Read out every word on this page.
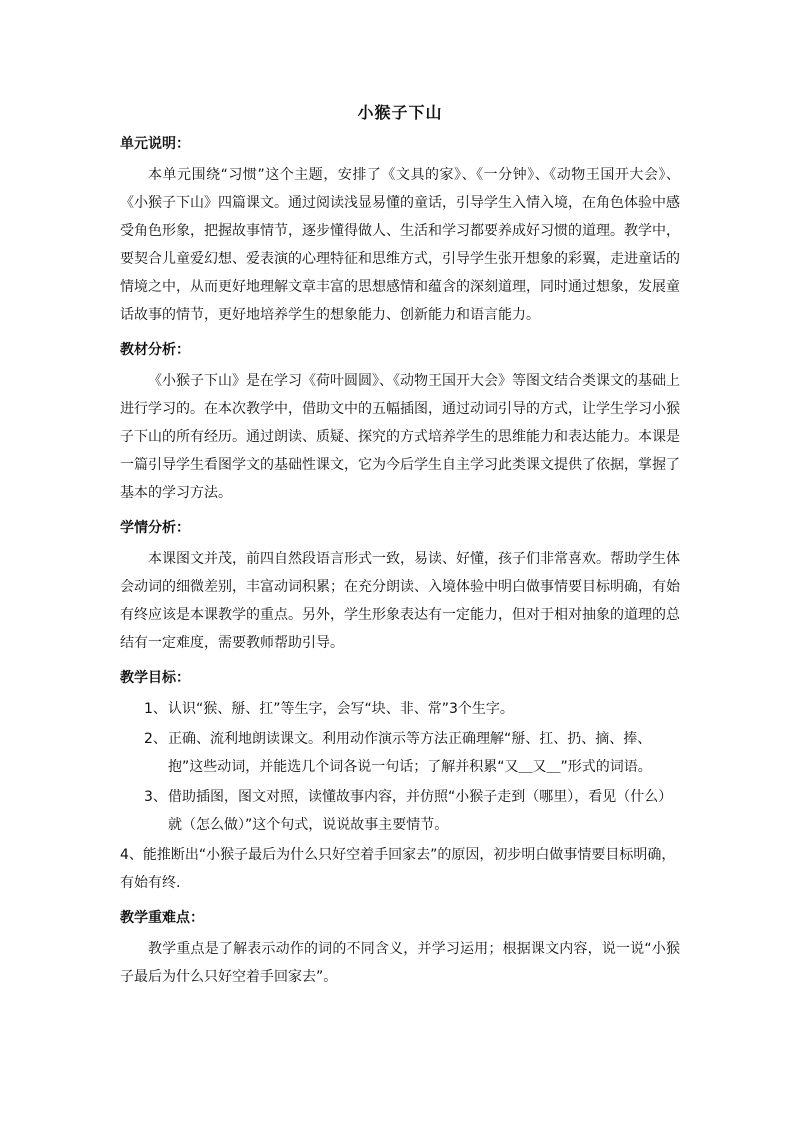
小猴子下山
单元说明：

本单元围绕“习惯”这个主题，安排了《文具的家》、《一分钟》、《动物王国开大会》、《小猴子下山》四篇课文。通过阅读浅显易懂的童话，引导学生入情入境，在角色体验中感受角色形象，把握故事情节，逐步懂得做人、生活和学习都要养成好习惯的道理。教学中，要契合儿童爱幻想、爱表演的心理特征和思维方式，引导学生张开想象的彩翼，走进童话的情境之中，从而更好地理解文章丰富的思想感情和蕴含的深刻道理，同时通过想象，发展童话故事的情节，更好地培养学生的想象能力、创新能力和语言能力。

教材分析：

《小猴子下山》是在学习《荷叶圆圆》、《动物王国开大会》等图文结合类课文的基础上进行学习的。在本次教学中，借助文中的五幅插图，通过动词引导的方式，让学生学习小猴子下山的所有经历。通过朗读、质疑、探究的方式培养学生的思维能力和表达能力。本课是一篇引导学生看图学文的基础性课文，它为今后学生自主学习此类课文提供了依据，掌握了基本的学习方法。

学情分析：

本课图文并茂，前四自然段语言形式一致，易读、好懂，孩子们非常喜欢。帮助学生体会动词的细微差别，丰富动词积累；在充分朗读、入境体验中明白做事情要目标明确，有始有终应该是本课教学的重点。另外，学生形象表达有一定能力，但对于相对抽象的道理的总结有一定难度，需要教师帮助引导。

教学目标：

1、认识“猴、掰、扛”等生字，会写“块、非、常”3个生字。

2、正确、流利地朗读课文。利用动作演示等方法正确理解“掰、扛、扔、摘、捧、抱”这些动词，并能选几个词各说一句话；了解并积累“又＿又＿”形式的词语。

3、借助插图，图文对照，读懂故事内容，并仿照“小猴子走到（哪里），看见（什么）就（怎么做）”这个句式，说说故事主要情节。

4、能推断出“小猴子最后为什么只好空着手回家去”的原因，初步明白做事情要目标明确，有始有终.

教学重难点：

教学重点是了解表示动作的词的不同含义，并学习运用；根据课文内容，说一说“小猴子最后为什么只好空着手回家去”。
